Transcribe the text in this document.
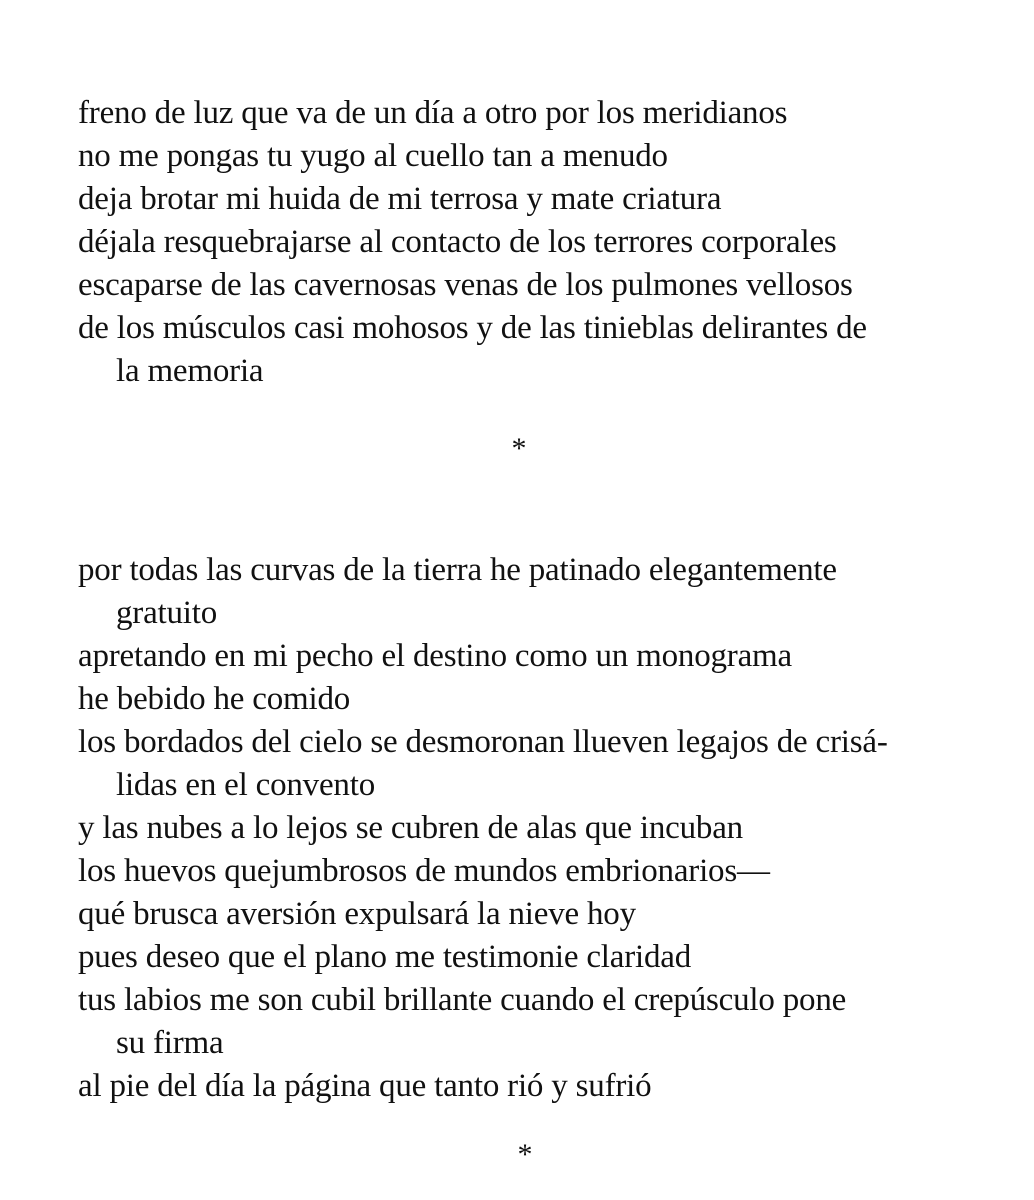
freno de luz que va de un día a otro por los meridianos
no me pongas tu yugo al cuello tan a menudo
deja brotar mi huida de mi terrosa y mate criatura
déjala resquebrajarse al contacto de los terrores corporales
escaparse de las cavernosas venas de los pulmones vellosos
de los músculos casi mohosos y de las tinieblas delirantes de
la memoria
*
por todas las curvas de la tierra he patinado elegantemente
gratuito
apretando en mi pecho el destino como un monograma
he bebido he comido
los bordados del cielo se desmoronan llueven legajos de crisá-
lidas en el convento
y las nubes a lo lejos se cubren de alas que incuban
los huevos quejumbrosos de mundos embrionarios—
qué brusca aversión expulsará la nieve hoy
pues deseo que el plano me testimonie claridad
tus labios me son cubil brillante cuando el crepúsculo pone
su firma
al pie del día la página que tanto rió y sufrió
*
